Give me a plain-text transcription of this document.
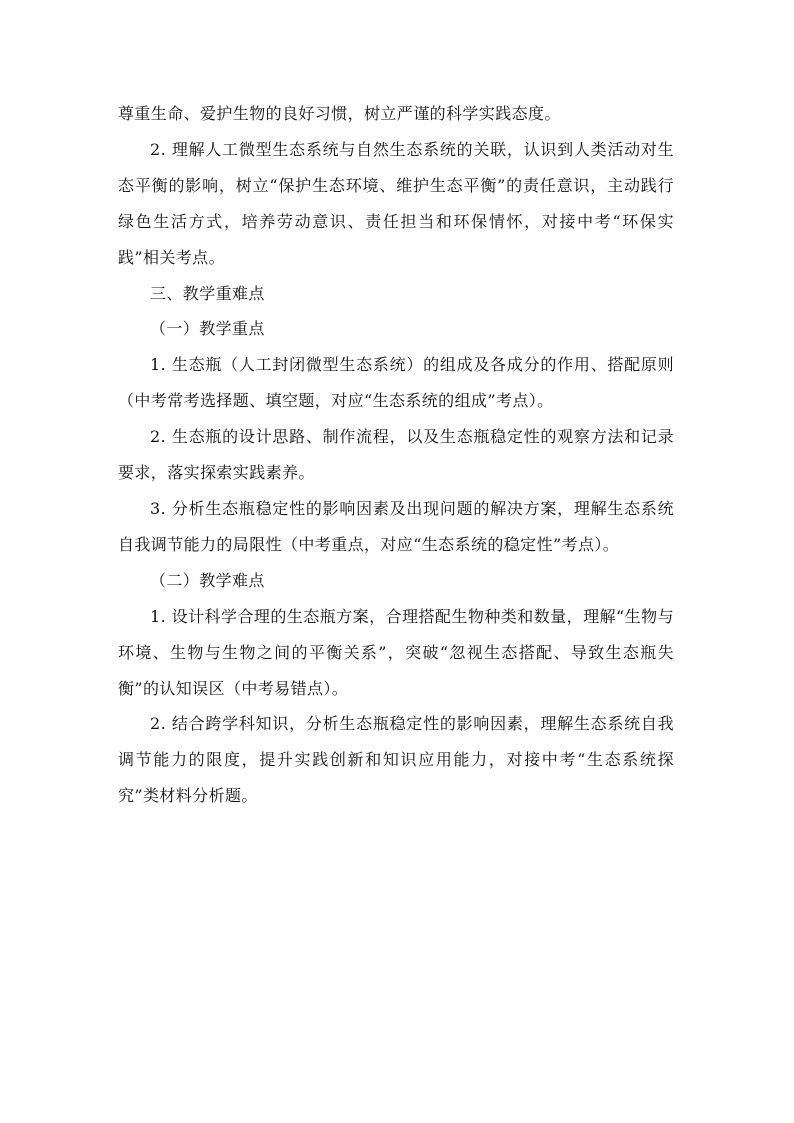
尊重生命、爱护生物的良好习惯，树立严谨的科学实践态度。

2. 理解人工微型生态系统与自然生态系统的关联，认识到人类活动对生态平衡的影响，树立“保护生态环境、维护生态平衡”的责任意识，主动践行绿色生活方式，培养劳动意识、责任担当和环保情怀，对接中考“环保实践”相关考点。

三、教学重难点

（一）教学重点

1. 生态瓶（人工封闭微型生态系统）的组成及各成分的作用、搭配原则（中考常考选择题、填空题，对应“生态系统的组成”考点）。

2. 生态瓶的设计思路、制作流程，以及生态瓶稳定性的观察方法和记录要求，落实探索实践素养。

3. 分析生态瓶稳定性的影响因素及出现问题的解决方案，理解生态系统自我调节能力的局限性（中考重点，对应“生态系统的稳定性”考点）。

（二）教学难点

1. 设计科学合理的生态瓶方案，合理搭配生物种类和数量，理解“生物与环境、生物与生物之间的平衡关系”，突破“忽视生态搭配、导致生态瓶失衡”的认知误区（中考易错点）。

2. 结合跨学科知识，分析生态瓶稳定性的影响因素，理解生态系统自我调节能力的限度，提升实践创新和知识应用能力，对接中考“生态系统探究”类材料分析题。
